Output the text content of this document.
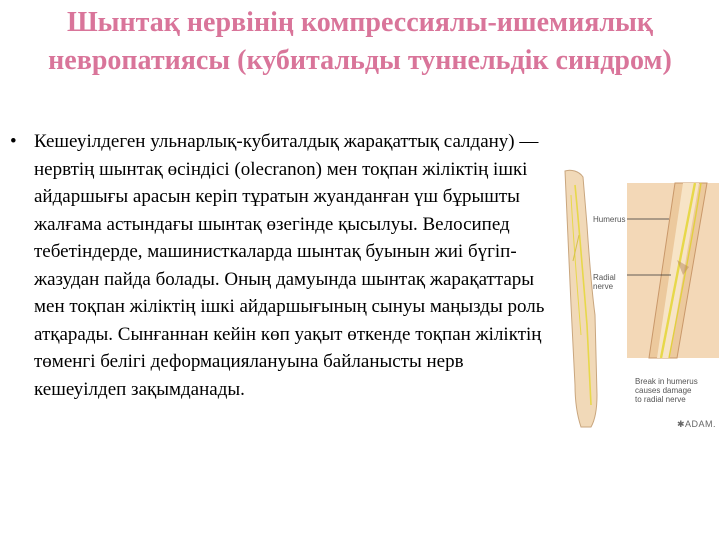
Шынтақ нервінің компрессиялы-ишемиялық невропатиясы (кубитальды туннельдік синдром)
• Кешеуілдеген ульнарлық-кубиталдық жарақаттық салдану) — нервтің шынтақ өсіндісі (olecranon) мен тоқпан жіліктің ішкі айдаршығы арасын керіп тұратын жуанданған үш бұрышты жалғама астындағы шынтақ өзегінде қысылуы. Велосипед тебетіндерде, машинисткаларда шынтақ буынын жиі бүгіп-жазудан пайда болады. Оның дамуында шынтақ жарақаттары мен тоқпан жіліктің ішкі айдаршығының сынуы маңызды роль атқарады. Сынғаннан кейін көп уақыт өткенде тоқпан жіліктің төменгі белігі деформациялануына байланысты нерв кешеуілдеп зақымданады.

Humerus
Radial
nerve
Break in humerus
causes damage
to radial nerve
✱ADAM.
